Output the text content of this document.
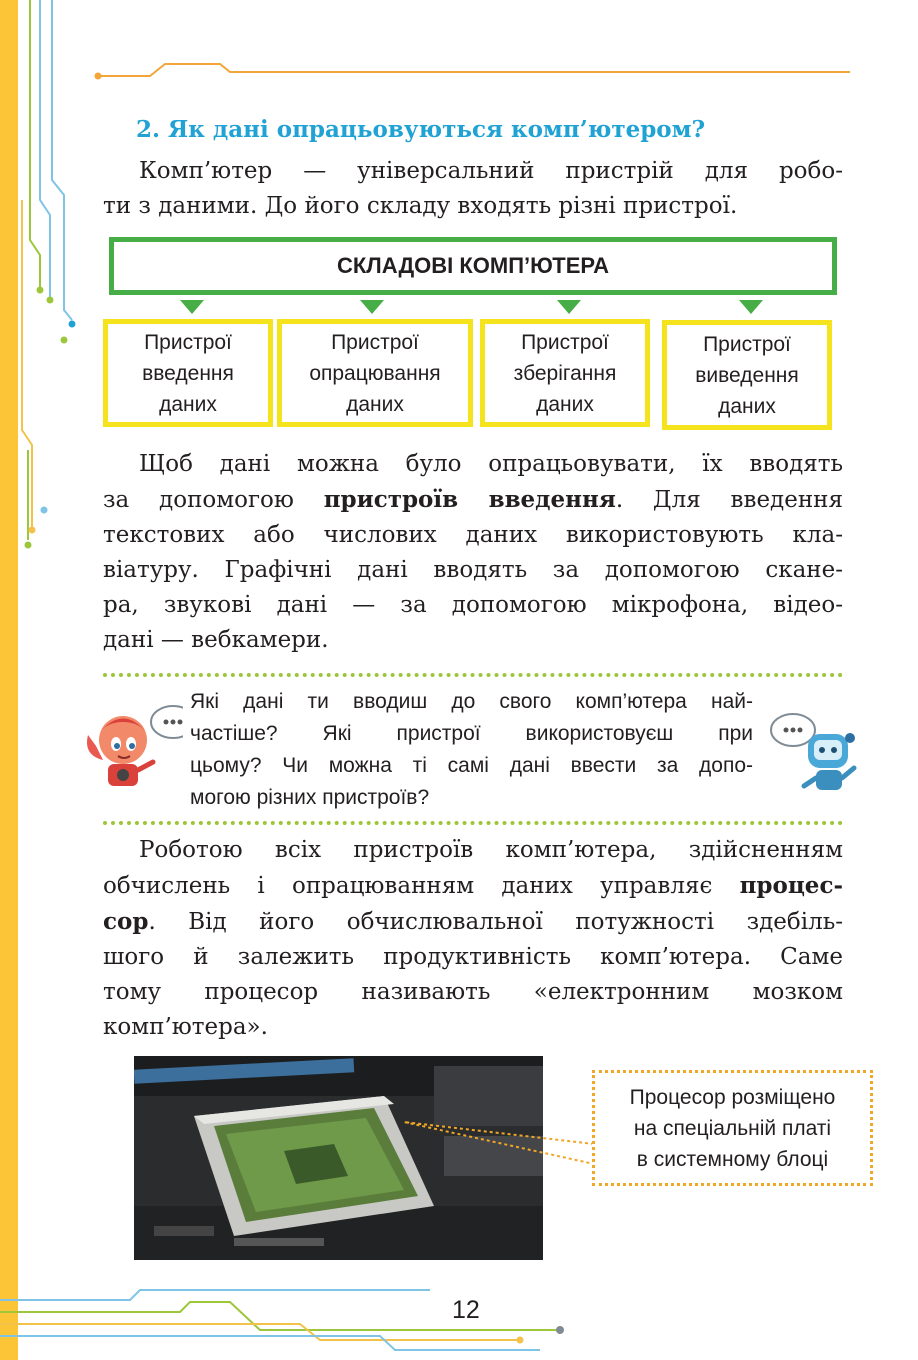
2. Як дані опрацьовуються комп’ютером?
Комп’ютер — універсальний пристрій для робо-
ти з даними. До його складу входять різні пристрої.
СКЛАДОВІ КОМП’ЮТЕРА
Пристрої
введення
даних
Пристрої
опрацювання
даних
Пристрої
зберігання
даних
Пристрої
виведення
даних
Щоб дані можна було опрацьовувати, їх вводять
за допомогою пристроїв введення. Для введення
текстових або числових даних використовують кла-
віатуру. Графічні дані вводять за допомогою скане-
ра, звукові дані — за допомогою мікрофона, відео-
дані — вебкамери.
Які дані ти вводиш до свого комп’ютера най-
частіше? Які пристрої використовуєш при
цьому? Чи можна ті самі дані ввести за допо-
могою різних пристроїв?
Роботою всіх пристроїв комп’ютера, здійсненням
обчислень і опрацюванням даних управляє процес-
сор. Від його обчислювальної потужності здебіль-
шого й залежить продуктивність комп’ютера. Саме
тому процесор називають «електронним мозком
комп’ютера».
Процесор розміщено
на спеціальній платі
в системному блоці
12
